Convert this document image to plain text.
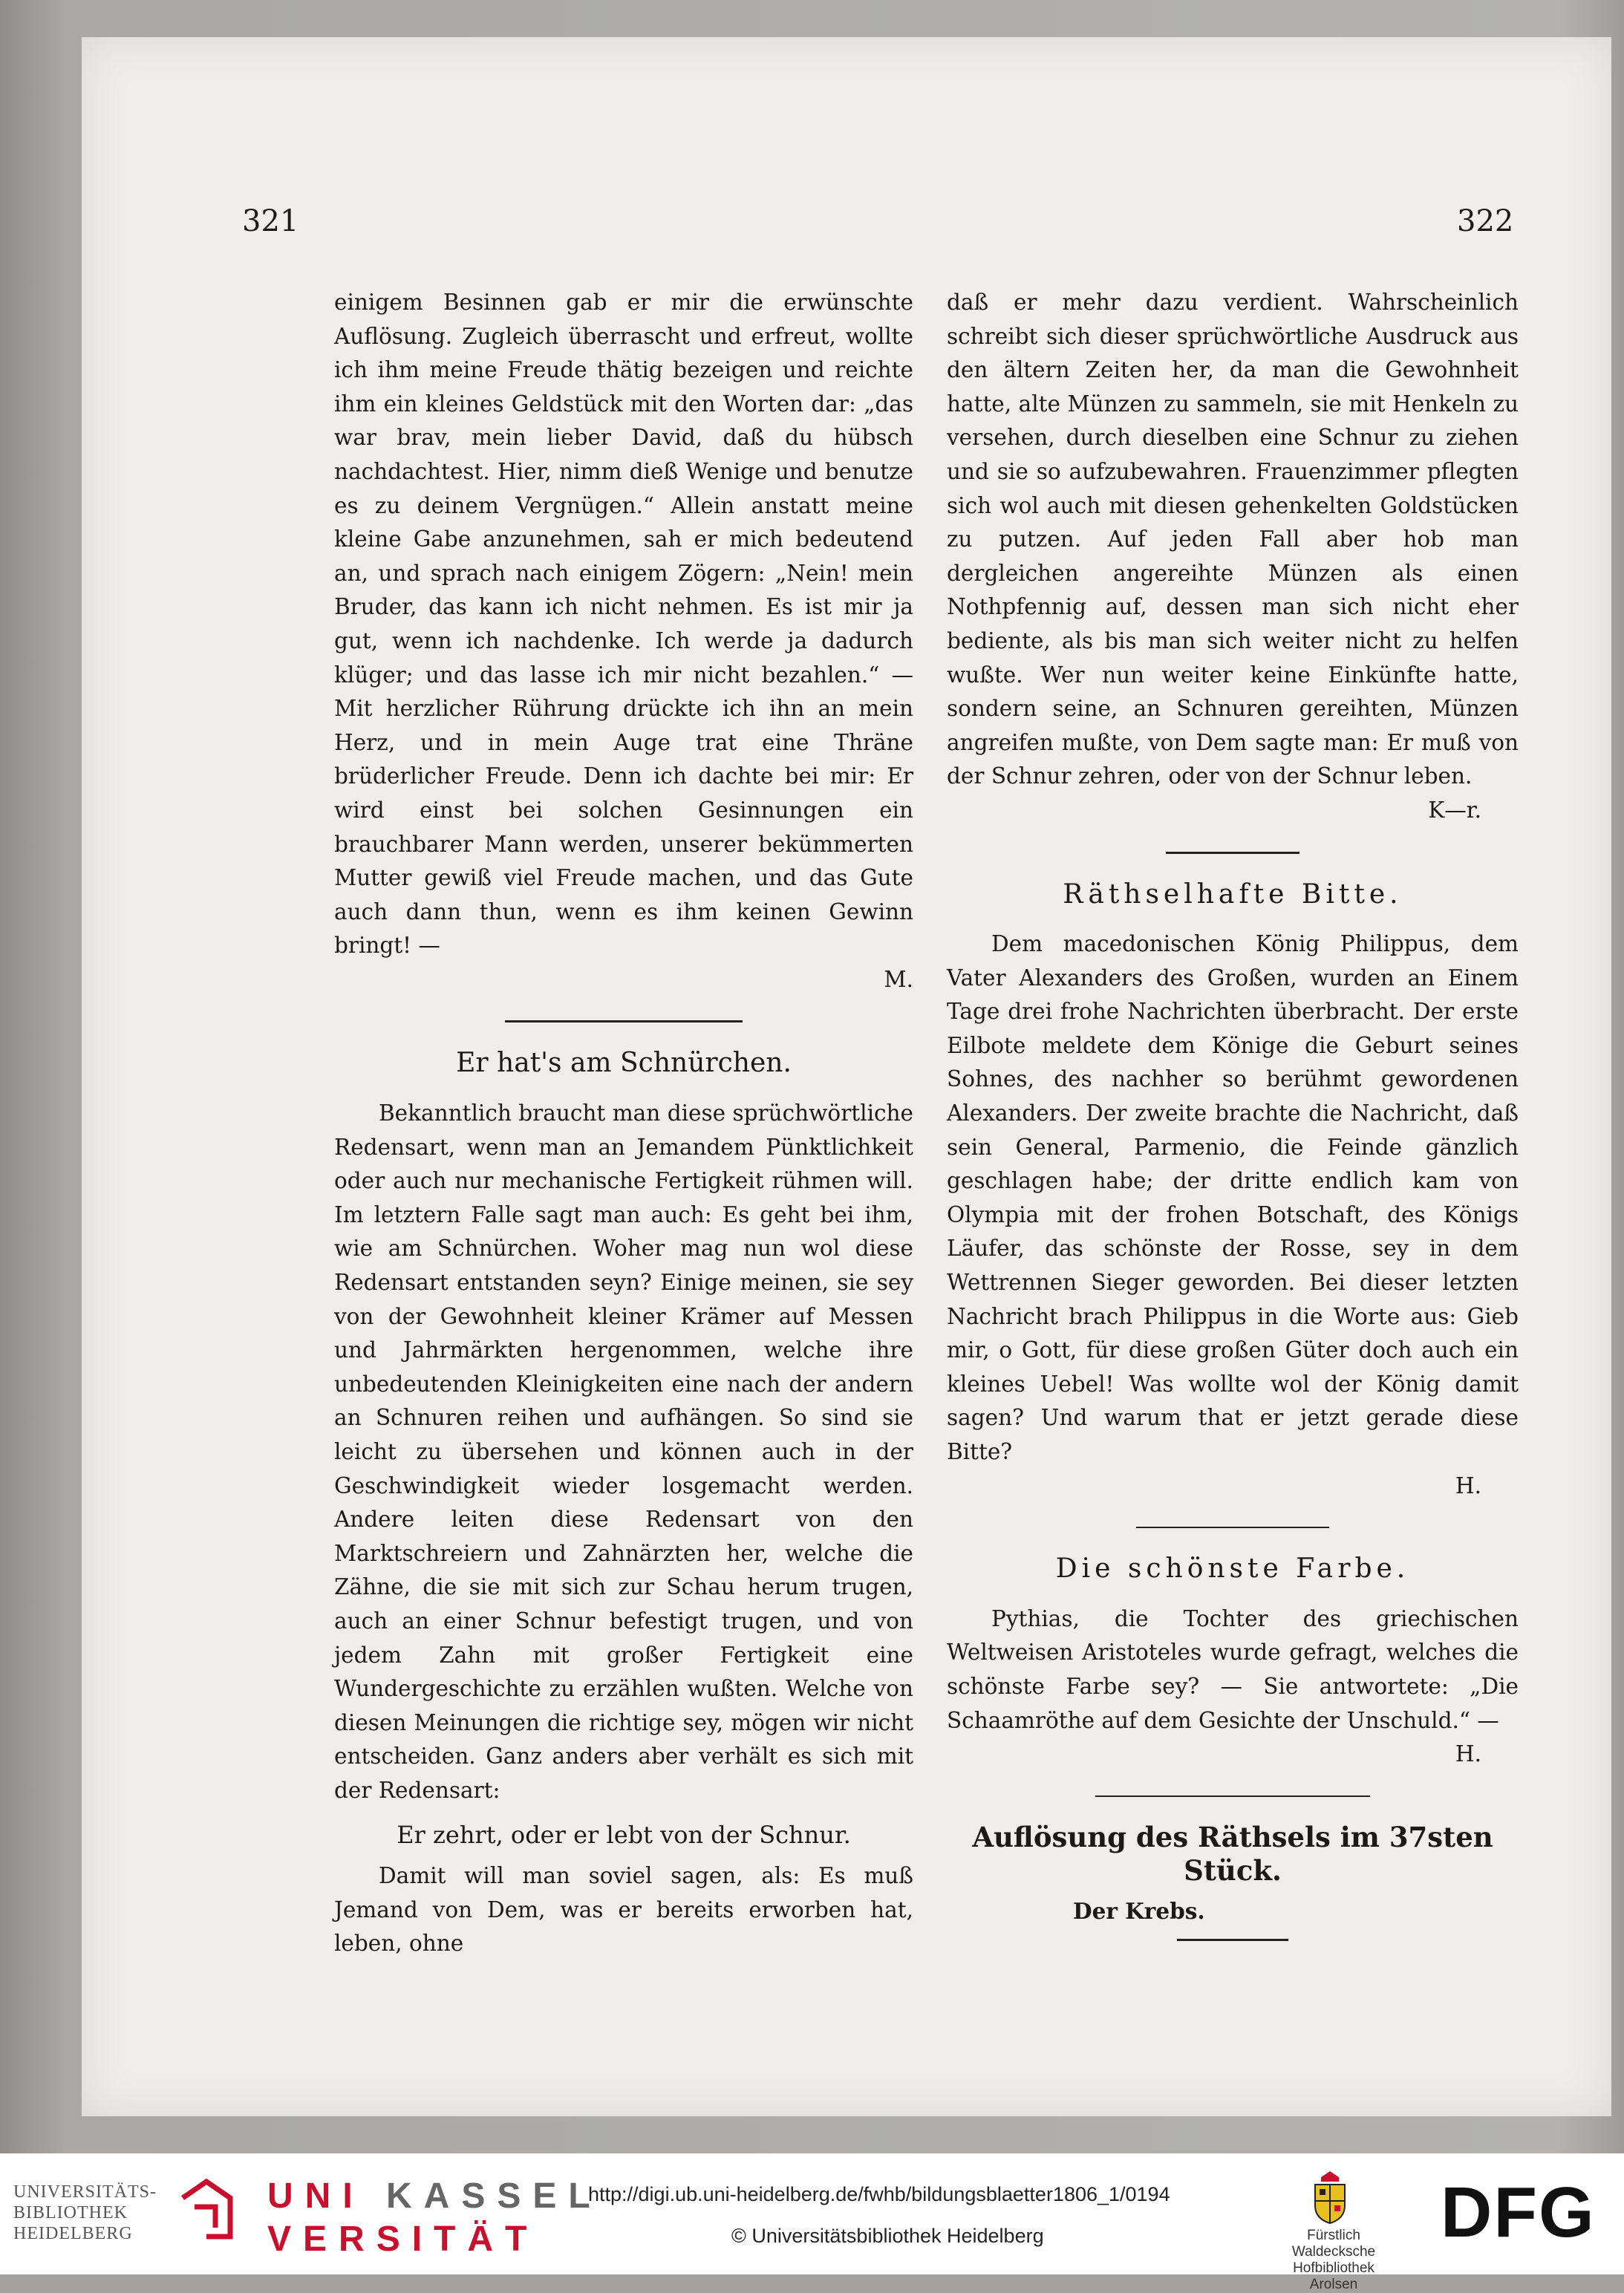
321	322

einigem Besinnen gab er mir die erwünschte Auflösung. Zugleich überrascht und erfreut, wollte ich ihm meine Freude thätig bezeigen und reichte ihm ein kleines Geldstück mit den Worten dar: „das war brav, mein lieber David, daß du hübsch nachdachtest. Hier, nimm dieß Wenige und benutze es zu deinem Vergnügen.“ Allein anstatt meine kleine Gabe anzunehmen, sah er mich bedeutend an, und sprach nach einigem Zögern: „Nein! mein Bruder, das kann ich nicht nehmen. Es ist mir ja gut, wenn ich nachdenke. Ich werde ja dadurch klüger; und das lasse ich mir nicht bezahlen.“ — Mit herzlicher Rührung drückte ich ihn an mein Herz, und in mein Auge trat eine Thräne brüderlicher Freude. Denn ich dachte bei mir: Er wird einst bei solchen Gesinnungen ein brauchbarer Mann werden, unserer bekümmerten Mutter gewiß viel Freude machen, und das Gute auch dann thun, wenn es ihm keinen Gewinn bringt! —

M.

Er hat's am Schnürchen.

Bekanntlich braucht man diese sprüchwörtliche Redensart, wenn man an Jemandem Pünktlichkeit oder auch nur mechanische Fertigkeit rühmen will. Im letztern Falle sagt man auch: Es geht bei ihm, wie am Schnürchen. Woher mag nun wol diese Redensart entstanden seyn? Einige meinen, sie sey von der Gewohnheit kleiner Krämer auf Messen und Jahrmärkten hergenommen, welche ihre unbedeutenden Kleinigkeiten eine nach der andern an Schnuren reihen und aufhängen. So sind sie leicht zu übersehen und können auch in der Geschwindigkeit wieder losgemacht werden. Andere leiten diese Redensart von den Marktschreiern und Zahnärzten her, welche die Zähne, die sie mit sich zur Schau herum trugen, auch an einer Schnur befestigt trugen, und von jedem Zahn mit großer Fertigkeit eine Wundergeschichte zu erzählen wußten. Welche von diesen Meinungen die richtige sey, mögen wir nicht entscheiden. Ganz anders aber verhält es sich mit der Redensart:

Er zehrt, oder er lebt von der Schnur.

Damit will man soviel sagen, als: Es muß Jemand von Dem, was er bereits erworben hat, leben, ohne

daß er mehr dazu verdient. Wahrscheinlich schreibt sich dieser sprüchwörtliche Ausdruck aus den ältern Zeiten her, da man die Gewohnheit hatte, alte Münzen zu sammeln, sie mit Henkeln zu versehen, durch dieselben eine Schnur zu ziehen und sie so aufzubewahren. Frauenzimmer pflegten sich wol auch mit diesen gehenkelten Goldstücken zu putzen. Auf jeden Fall aber hob man dergleichen angereihte Münzen als einen Nothpfennig auf, dessen man sich nicht eher bediente, als bis man sich weiter nicht zu helfen wußte. Wer nun weiter keine Einkünfte hatte, sondern seine, an Schnuren gereihten, Münzen angreifen mußte, von Dem sagte man: Er muß von der Schnur zehren, oder von der Schnur leben.

K—r.

Räthselhafte Bitte.

Dem macedonischen König Philippus, dem Vater Alexanders des Großen, wurden an Einem Tage drei frohe Nachrichten überbracht. Der erste Eilbote meldete dem Könige die Geburt seines Sohnes, des nachher so berühmt gewordenen Alexanders. Der zweite brachte die Nachricht, daß sein General, Parmenio, die Feinde gänzlich geschlagen habe; der dritte endlich kam von Olympia mit der frohen Botschaft, des Königs Läufer, das schönste der Rosse, sey in dem Wettrennen Sieger geworden. Bei dieser letzten Nachricht brach Philippus in die Worte aus: Gieb mir, o Gott, für diese großen Güter doch auch ein kleines Uebel! Was wollte wol der König damit sagen? Und warum that er jetzt gerade diese Bitte?

H.

Die schönste Farbe.

Pythias, die Tochter des griechischen Weltweisen Aristoteles wurde gefragt, welches die schönste Farbe sey? — Sie antwortete: „Die Schaamröthe auf dem Gesichte der Unschuld.“ —

H.

Auflösung des Räthsels im 37sten Stück.

Der Krebs.

UNIVERSITÄTS-
BIBLIOTHEK
HEIDELBERG
UNI KASSEL
VERSITÄT
http://digi.ub.uni-heidelberg.de/fwhb/bildungsblaetter1806_1/0194
© Universitätsbibliothek Heidelberg	Fürstlich Waldecksche
Hofbibliothek Arolsen
DFG
